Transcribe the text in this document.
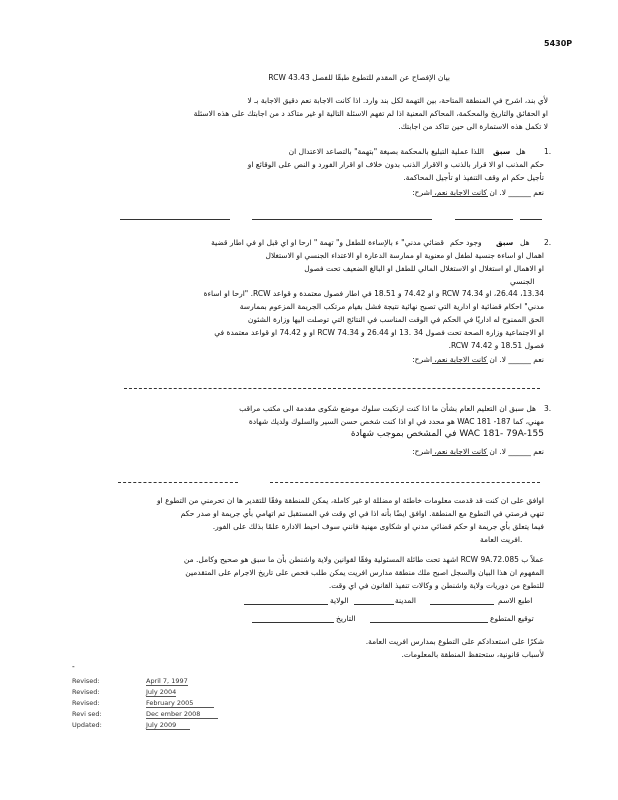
5430P
بيان الإفصاح عن المقدم للتطوع طبقًا للفصل RCW 43.43
لأي بند، اشرح في المنطقة المتاحة، بين التهمة لكل بند وارد. اذا كانت الاجابة نعم دقيق الاجابة بـ لا
او الحقائق والتاريخ والمحكمة، المحاكم المعنية اذا لم تفهم الاسئلة التالية او غير متاكد د من اجابتك على هذه الاسئلة
لا تكمل هذه الاستمارة الى حين تتاكد من اجابتك.
1.
هل
سبق
اللذا عملية التبليغ بالمحكمة بصيغة "بتهمة" بالتصاعد الاعتدال ان
حكم المذنب او الا قرار بالذنب و الاقرار الذنب بدون خلاف او اقرار الفورد و النص على الوقائع او
تأجيل حكم ام وقف التنفيذ او تأجيل المحاكمة.
نعم ______ لا. ان كانت الاجابة نعم، اشرح:
2.
هل
سبق
وجود حكم
قضائي مدني" ء بالإساءة للطفل و" تهمة " ارحا او اي قبل او في اطار قضية
اهمال او اساءة جنسية لطفل او معنوية او ممارسة الدعارة او الاعتداء الجنسي او الاستغلال
او الاهمال او استغلال او الاستغلال المالي للطفل او البالغ الضعيف تحت فصول
الجنسي
13.34، 26.44، او 74.34 RCW و او 74.42 و 18.51 في اطار فصول معتمدة و قواعد RCW. "ارحا او اساءة
مدني" احكام قضائية او ادارية التي تصبح نهائية نتيجة فشل بقيام مرتكب الجريمة المزعوم بممارسة
الحق الممنوح له اداريًا في الحكم في الوقت المناسب في النتائج التي توصلت اليها وزارة الشئون
او الاجتماعية وزارة الصحة تحت فصول 34 .13 او 26.44 و 74.34 RCW او و 74.42 او قواعد معتمدة في
فصول 18.51 و 74.42 RCW.
نعم ______ لا. ان كانت الاجابة نعم، اشرح:
3.
هل سبق ان التعليم العام بشأن ما اذا كنت ارتكبت سلوك موضع شكوى مقدمة الى مكتب مراقب
مهني، كما WAC 181 -187 هو محدد في او اذا كنت شخص حسن السير والسلوك ولديك شهادة
WAC 181- 79A-155 في المشخص بموجب شهادة
نعم ______ لا. ان كانت الاجابة نعم، اشرح:
اوافق على ان كنت قد قدمت معلومات خاطئة او مضللة او غير كاملة، يمكن للمنطقة وفقًا للتقدير ها ان تحرمني من التطوع او
تنهي فرصتي في التطوع مع المنطقة. اوافق ايضًا بأنه اذا في اي وقت في المستقبل تم اتهامي بأي جريمة او صدر حكم
فيما يتعلق بأي جريمة او حكم قضائي مدني او شكاوى مهنية فانني سوف احيط الادارة علمًا بذلك على الفور.
افريت العامة.
عملاً ب RCW 9A.72.085 اشهد تحت طائلة المسئولية وفقًا لقوانين ولاية واشنطن بأن ما سبق هو صحيح وكامل. من
المفهوم ان هذا البيان والسجل اصبح ملك منطقة مدارس افريت يمكن طلب فحص على تاريخ الاجرام على المتقدمين
للتطوع من دوريات ولاية واشنطن و وكالات تنفيذ القانون في اي وقت.
اطبع الاسم
المدينة
الولاية
توقيع المتطوع
التاريخ
شكرًا على استعدادكم على التطوع بمدارس افريت العامة.
لأسباب قانونية، ستحتفظ المنطقة بالمعلومات.
-
Revised:	April 7, 1997
Revised:	July 2004
Revised:	February 2005
Revi sed:	Dec ember 2008
Updated:	July 2009
